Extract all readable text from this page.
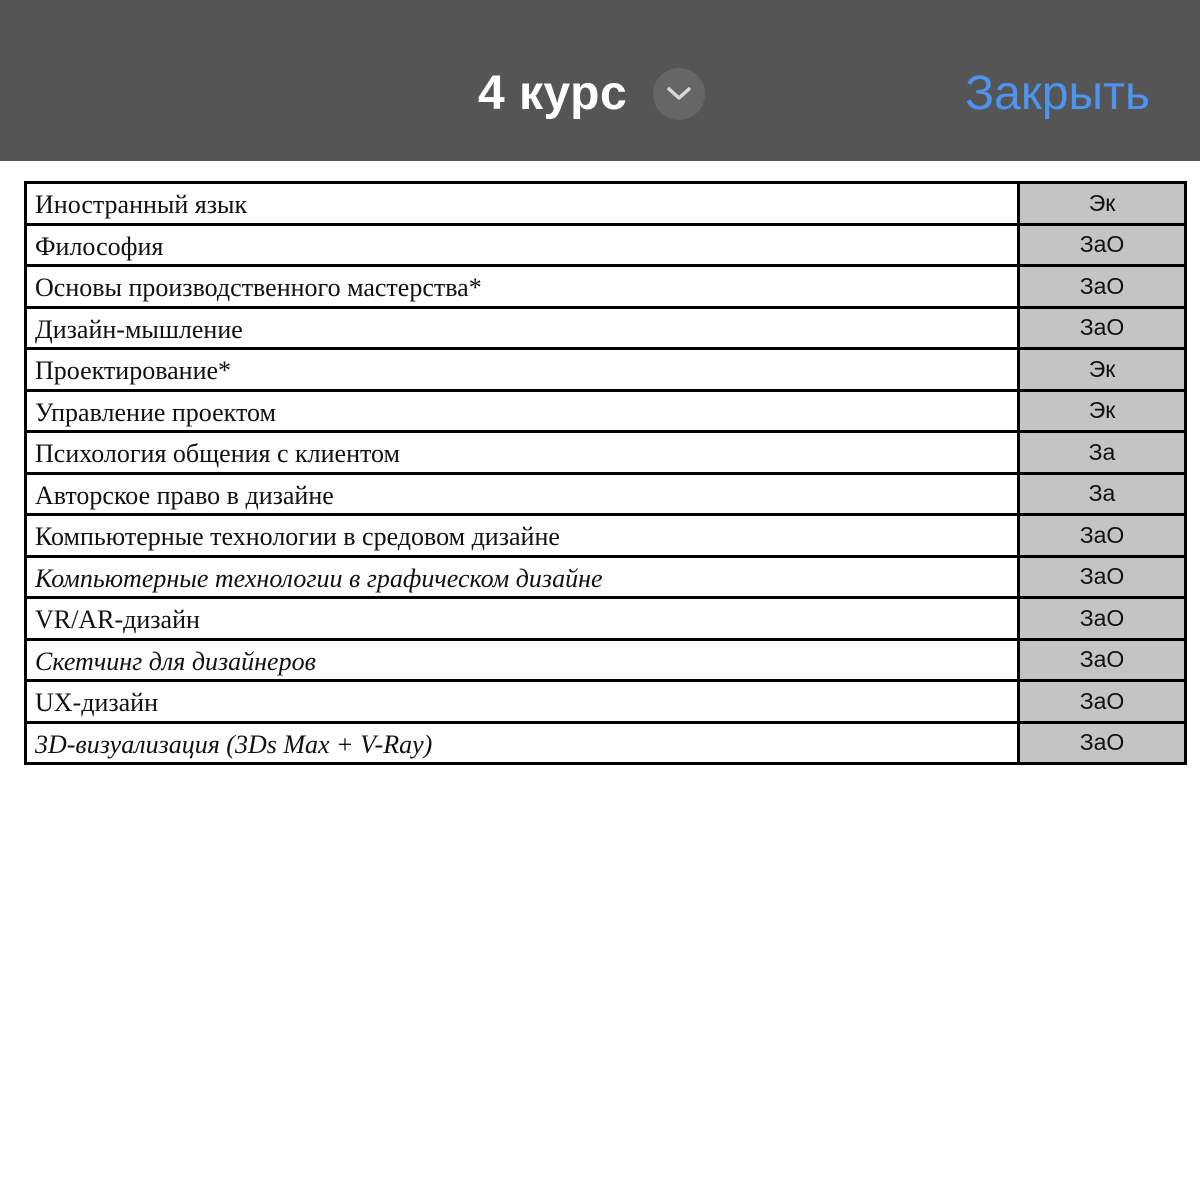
4 курс	Закрыть
Иностранный язык	Эк
Философия	ЗаО
Основы производственного мастерства*	ЗаО
Дизайн-мышление	ЗаО
Проектирование*	Эк
Управление проектом	Эк
Психология общения с клиентом	За
Авторское право в дизайне	За
Компьютерные технологии в средовом дизайне	ЗаО
Компьютерные технологии в графическом дизайне	ЗаО
VR/AR-дизайн	ЗаО
Скетчинг для дизайнеров	ЗаО
UX-дизайн	ЗаО
3D-визуализация (3Ds Max + V-Ray)	ЗаО
